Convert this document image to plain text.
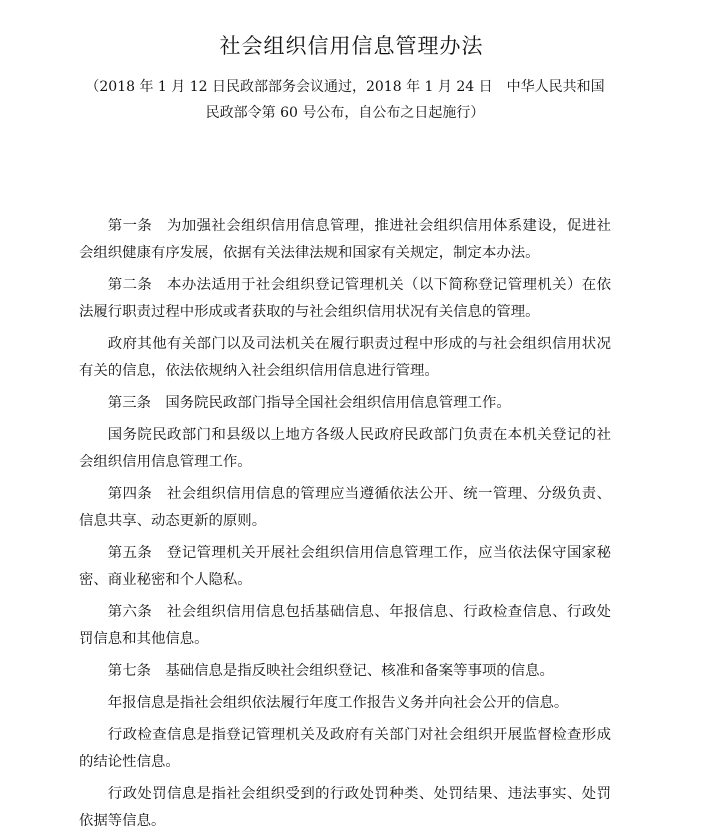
社会组织信用信息管理办法

（2018 年 1 月 12 日民政部部务会议通过，2018 年 1 月 24 日　中华人民共和国民政部令第 60 号公布，自公布之日起施行）

第一条　为加强社会组织信用信息管理，推进社会组织信用体系建设，促进社会组织健康有序发展，依据有关法律法规和国家有关规定，制定本办法。

第二条　本办法适用于社会组织登记管理机关（以下简称登记管理机关）在依法履行职责过程中形成或者获取的与社会组织信用状况有关信息的管理。

政府其他有关部门以及司法机关在履行职责过程中形成的与社会组织信用状况有关的信息，依法依规纳入社会组织信用信息进行管理。

第三条　国务院民政部门指导全国社会组织信用信息管理工作。

国务院民政部门和县级以上地方各级人民政府民政部门负责在本机关登记的社会组织信用信息管理工作。

第四条　社会组织信用信息的管理应当遵循依法公开、统一管理、分级负责、信息共享、动态更新的原则。

第五条　登记管理机关开展社会组织信用信息管理工作，应当依法保守国家秘密、商业秘密和个人隐私。

第六条　社会组织信用信息包括基础信息、年报信息、行政检查信息、行政处罚信息和其他信息。

第七条　基础信息是指反映社会组织登记、核准和备案等事项的信息。

年报信息是指社会组织依法履行年度工作报告义务并向社会公开的信息。

行政检查信息是指登记管理机关及政府有关部门对社会组织开展监督检查形成的结论性信息。

行政处罚信息是指社会组织受到的行政处罚种类、处罚结果、违法事实、处罚依据等信息。
